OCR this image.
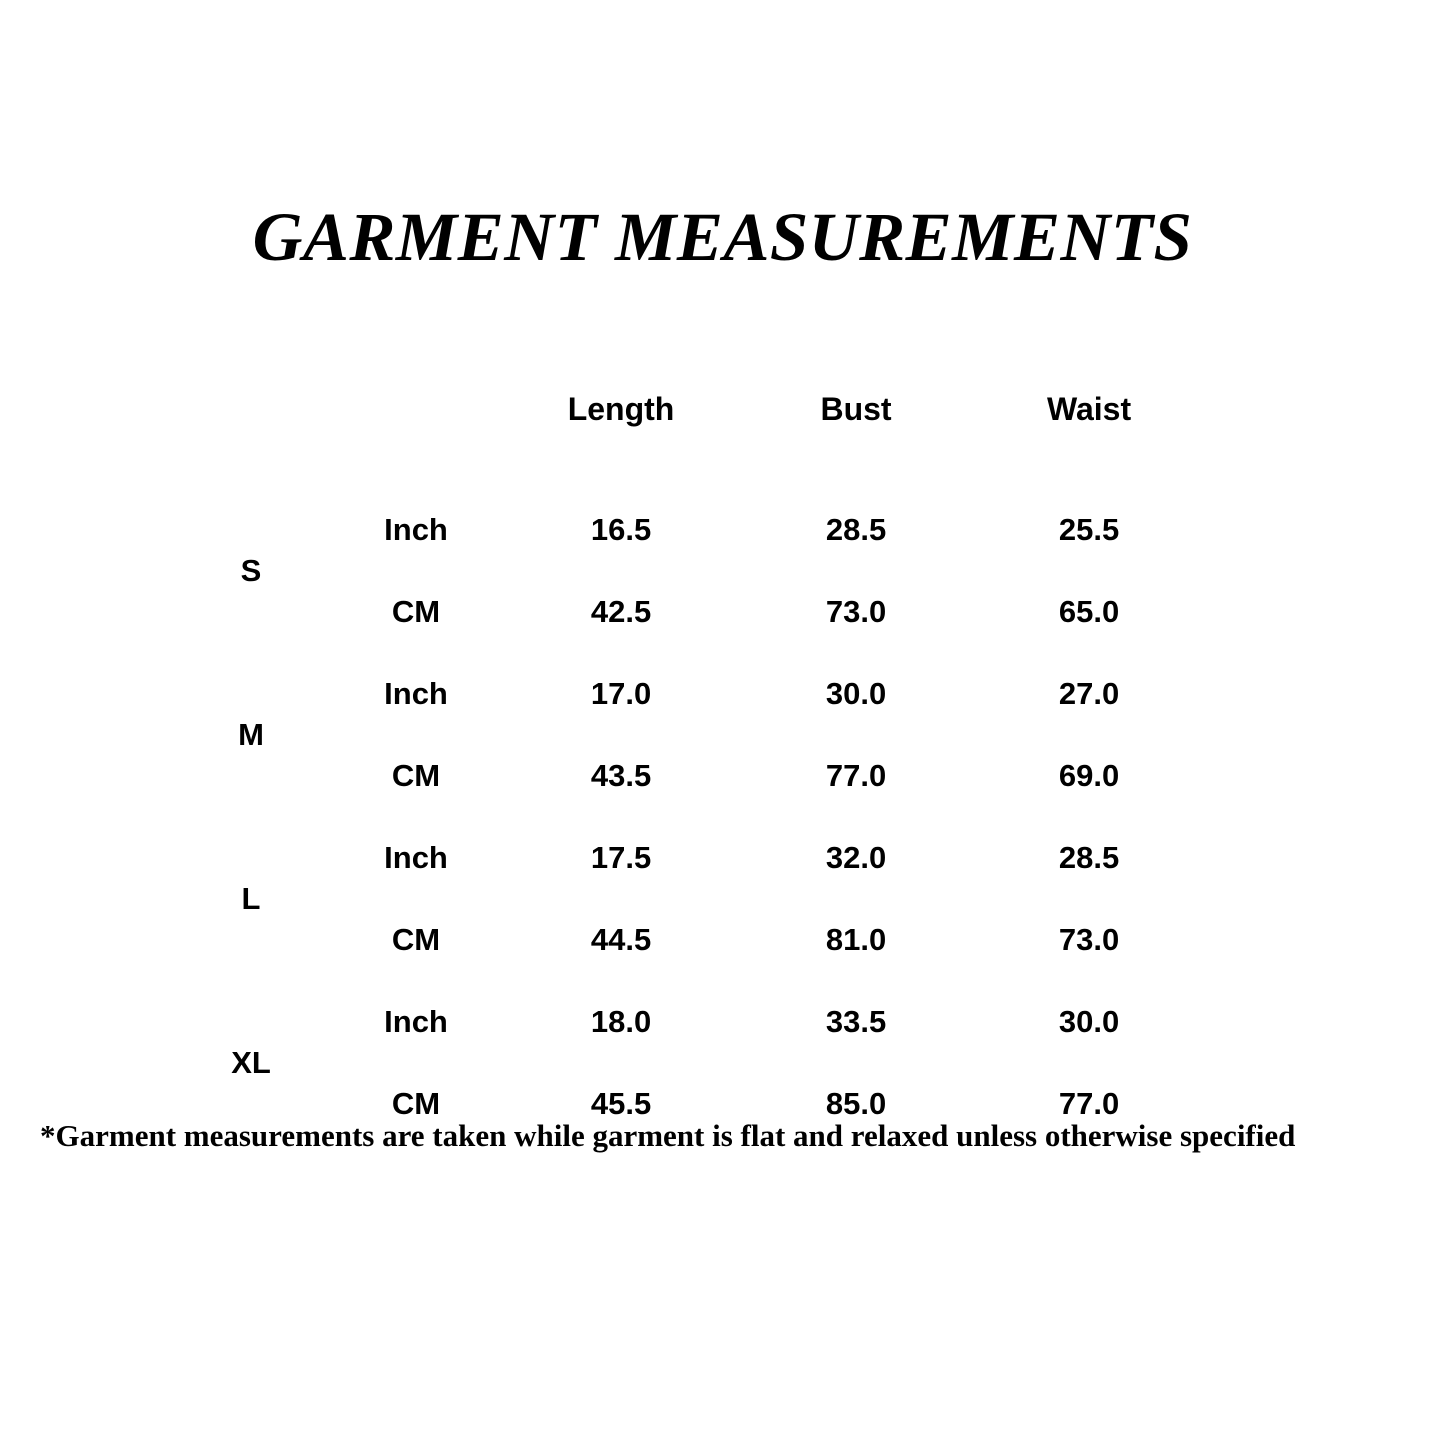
GARMENT MEASUREMENTS
Unit: $\frac{\text{Inch}}{CM}$		Length	Bust	Waist
S	Inch	16.5	28.5	25.5
	CM	42.5	73.0	65.0
M	Inch	17.0	30.0	27.0
	CM	43.5	77.0	69.0
L	Inch	17.5	32.0	28.5
	CM	44.5	81.0	73.0
XL	Inch	18.0	33.5	30.0
	CM	45.5	85.0	77.0
*Garment measurements are taken while garment is flat and relaxed unless otherwise specified
